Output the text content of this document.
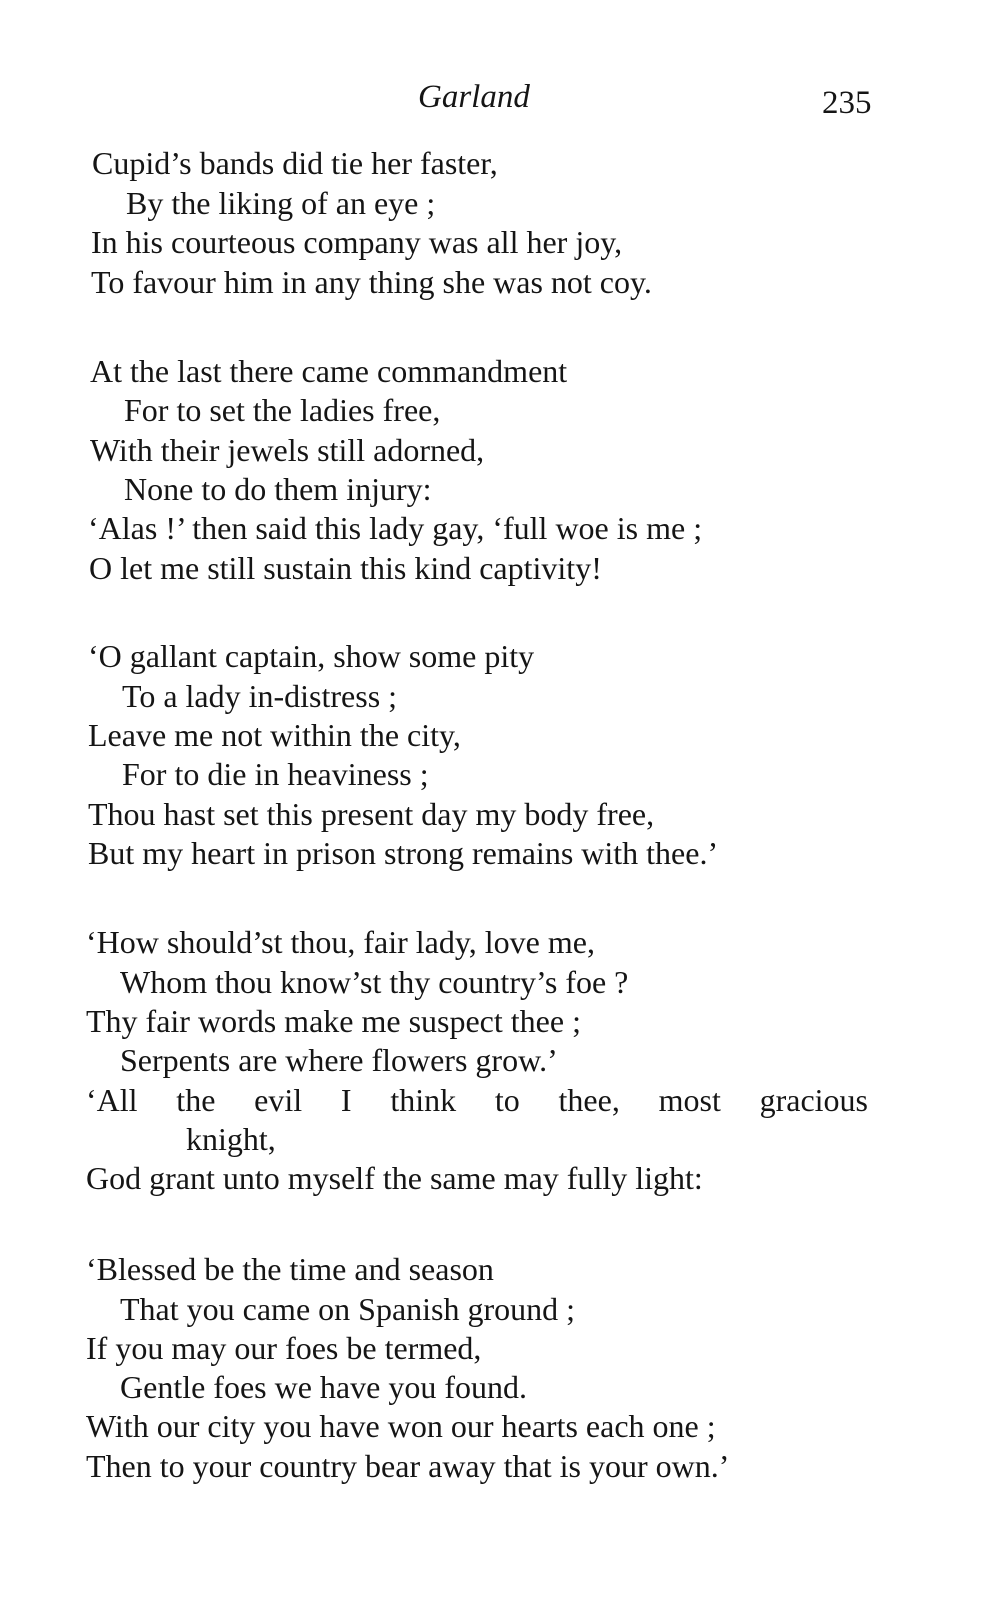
Garland	235
Cupid’s bands did tie her faster,
By the liking of an eye ;
In his courteous company was all her joy,
To favour him in any thing she was not coy.
At the last there came commandment
For to set the ladies free,
With their jewels still adorned,
None to do them injury:
‘Alas !’ then said this lady gay, ‘full woe is me ;
O let me still sustain this kind captivity!
‘O gallant captain, show some pity
To a lady in-distress ;
Leave me not within the city,
For to die in heaviness ;
Thou hast set this present day my body free,
But my heart in prison strong remains with thee.’
‘How should’st thou, fair lady, love me,
Whom thou know’st thy country’s foe ?
Thy fair words make me suspect thee ;
Serpents are where flowers grow.’
‘All the evil I think to thee, most gracious
knight,
God grant unto myself the same may fully light:
‘Blessed be the time and season
That you came on Spanish ground ;
If you may our foes be termed,
Gentle foes we have you found.
With our city you have won our hearts each one ;
Then to your country bear away that is your own.’
